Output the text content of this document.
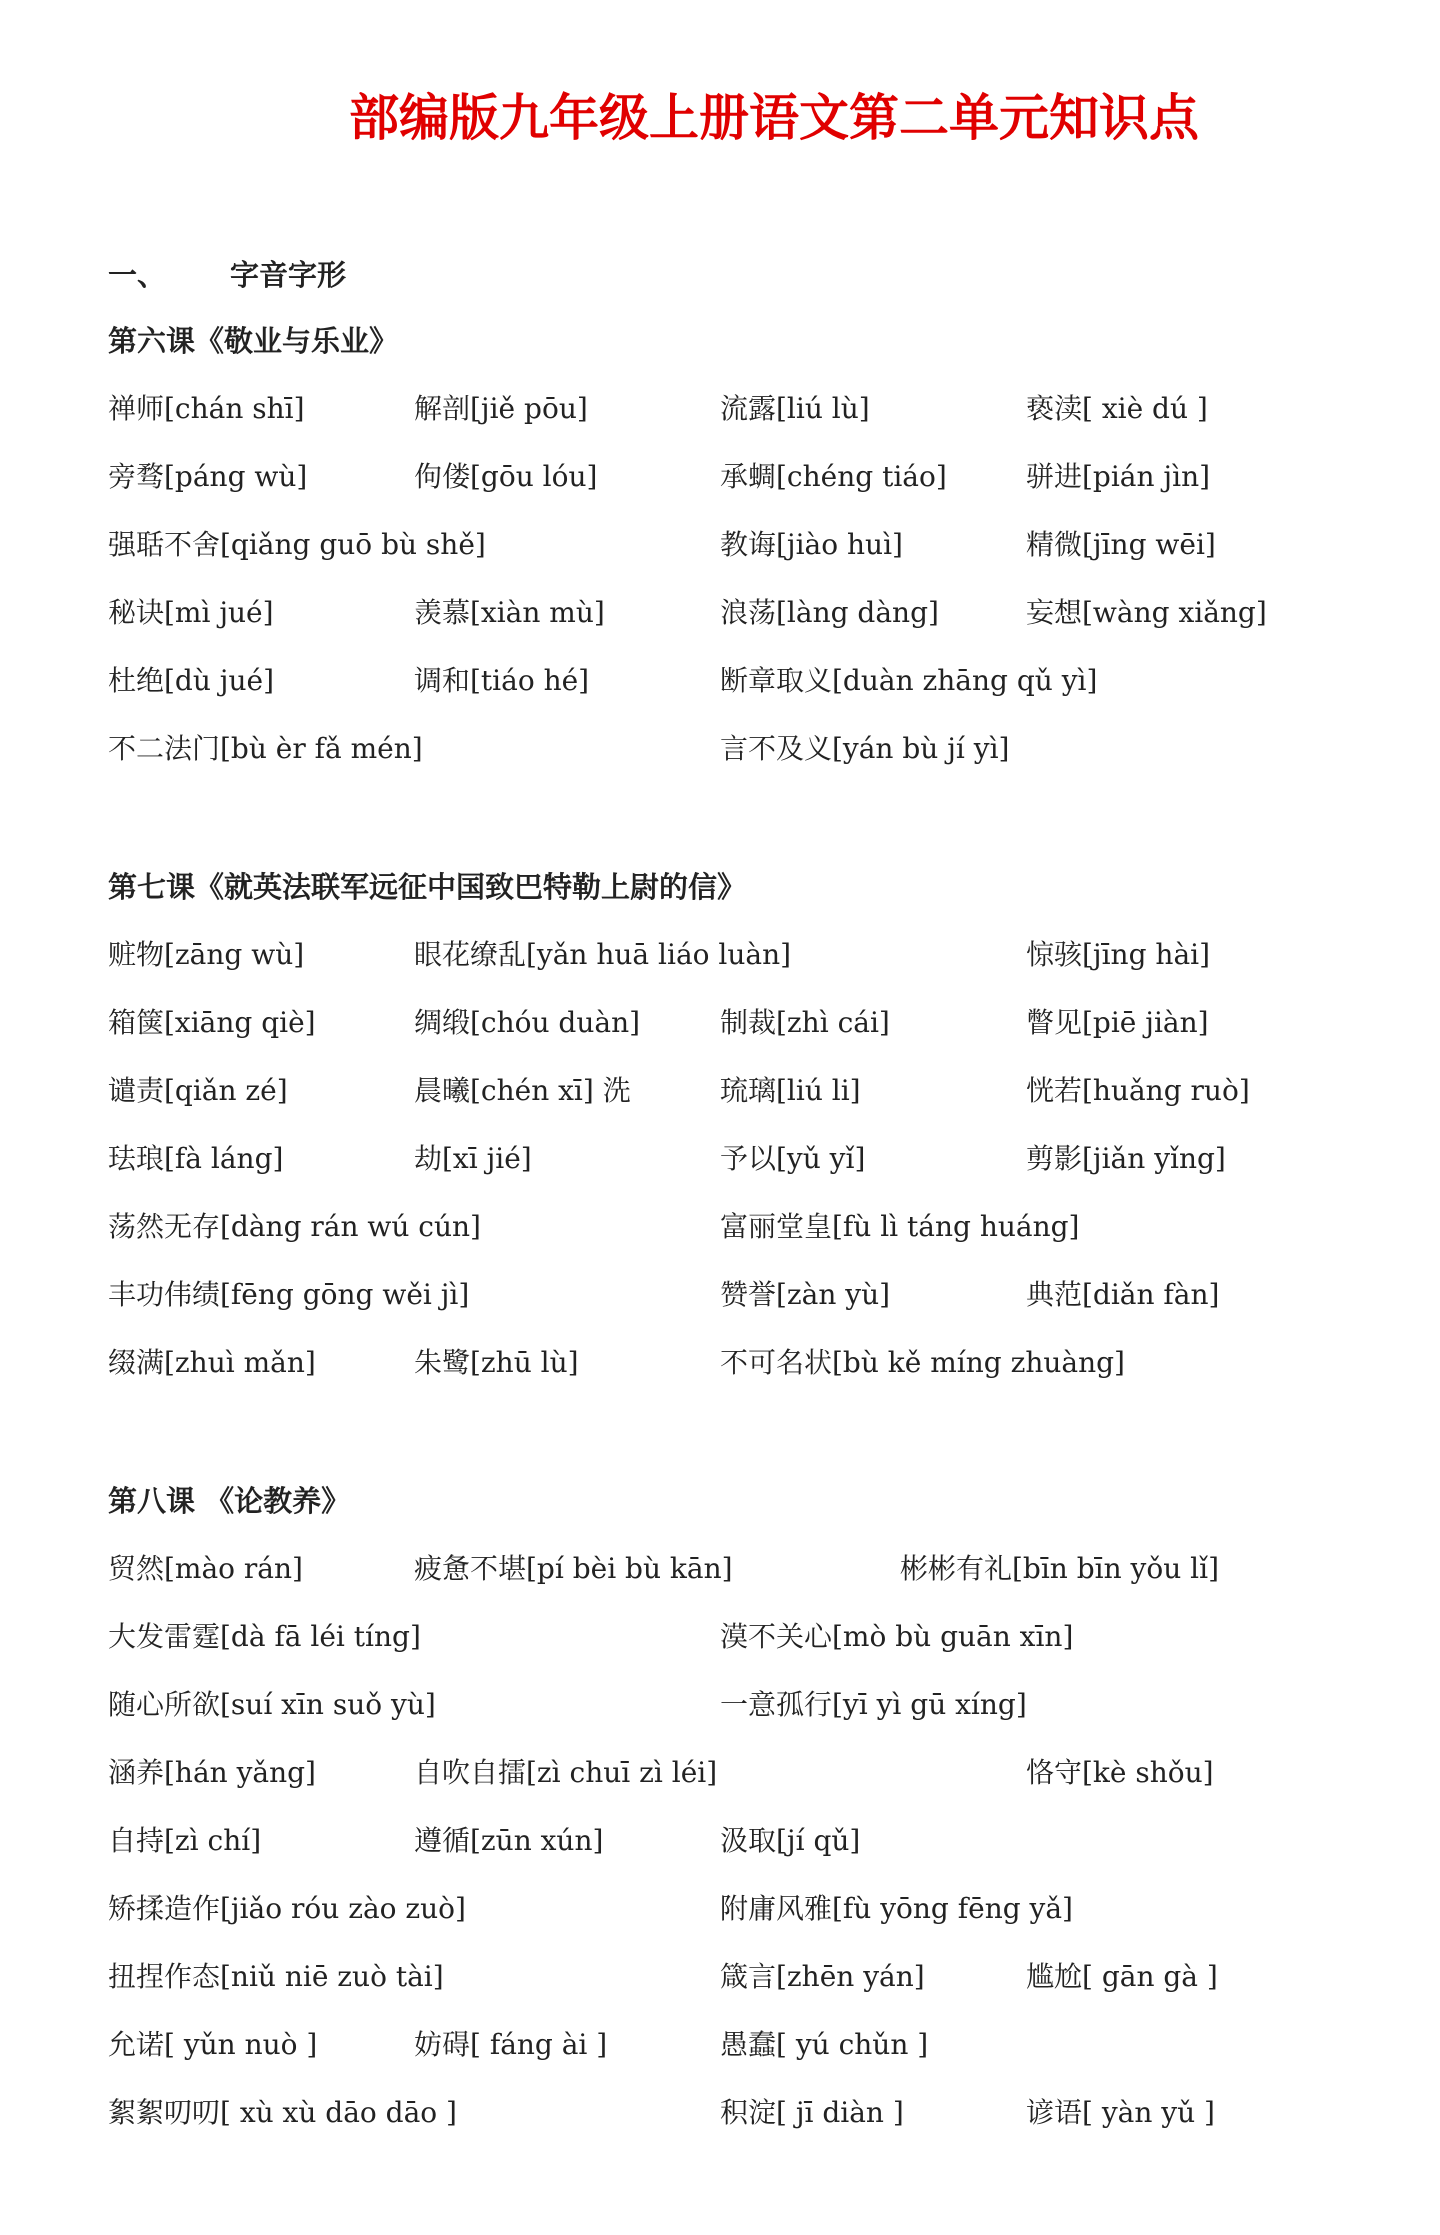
部编版九年级上册语文第二单元知识点
一、 字音字形
第六课《敬业与乐业》
禅师[chán shī]	解剖[jiě pōu]	流露[liú lù]	亵渎[ xiè dú ]
旁骛[páng wù]	佝偻[gōu lóu]	承蜩[chéng tiáo]	骈进[pián jìn]
强聒不舍[qiǎng guō bù shě]	教诲[jiào huì]	精微[jīng wēi]
秘诀[mì jué]	羡慕[xiàn mù]	浪荡[làng dàng]	妄想[wàng xiǎng]
杜绝[dù jué]	调和[tiáo hé]	断章取义[duàn zhāng qǔ yì]
不二法门[bù èr fǎ mén]	言不及义[yán bù jí yì]
第七课《就英法联军远征中国致巴特勒上尉的信》
赃物[zāng wù]	眼花缭乱[yǎn huā liáo luàn]	惊骇[jīng hài]
箱箧[xiāng qiè]	绸缎[chóu duàn]	制裁[zhì cái]	瞥见[piē jiàn]
谴责[qiǎn zé]	晨曦[chén xī] 洗	琉璃[liú li]	恍若[huǎng ruò]
珐琅[fà láng]	劫[xī jié]	予以[yǔ yǐ]	剪影[jiǎn yǐng]
荡然无存[dàng rán wú cún]	富丽堂皇[fù lì táng huáng]
丰功伟绩[fēng gōng wěi jì]	赞誉[zàn yù]	典范[diǎn fàn]
缀满[zhuì mǎn]	朱鹭[zhū lù]	不可名状[bù kě míng zhuàng]
第八课 《论教养》
贸然[mào rán]	疲惫不堪[pí bèi bù kān]	彬彬有礼[bīn bīn yǒu lǐ]
大发雷霆[dà fā léi tíng]	漠不关心[mò bù guān xīn]
随心所欲[suí xīn suǒ yù]	一意孤行[yī yì gū xíng]
涵养[hán yǎng]	自吹自擂[zì chuī zì léi]	恪守[kè shǒu]
自持[zì chí]	遵循[zūn xún]	汲取[jí qǔ]
矫揉造作[jiǎo róu zào zuò]	附庸风雅[fù yōng fēng yǎ]
扭捏作态[niǔ niē zuò tài]	箴言[zhēn yán]	尴尬[ gān gà ]
允诺[ yǔn nuò ]	妨碍[ fáng ài ]	愚蠢[ yú chǔn ]
絮絮叨叨[ xù xù dāo dāo ]	积淀[ jī diàn ]	谚语[ yàn yǔ ]
